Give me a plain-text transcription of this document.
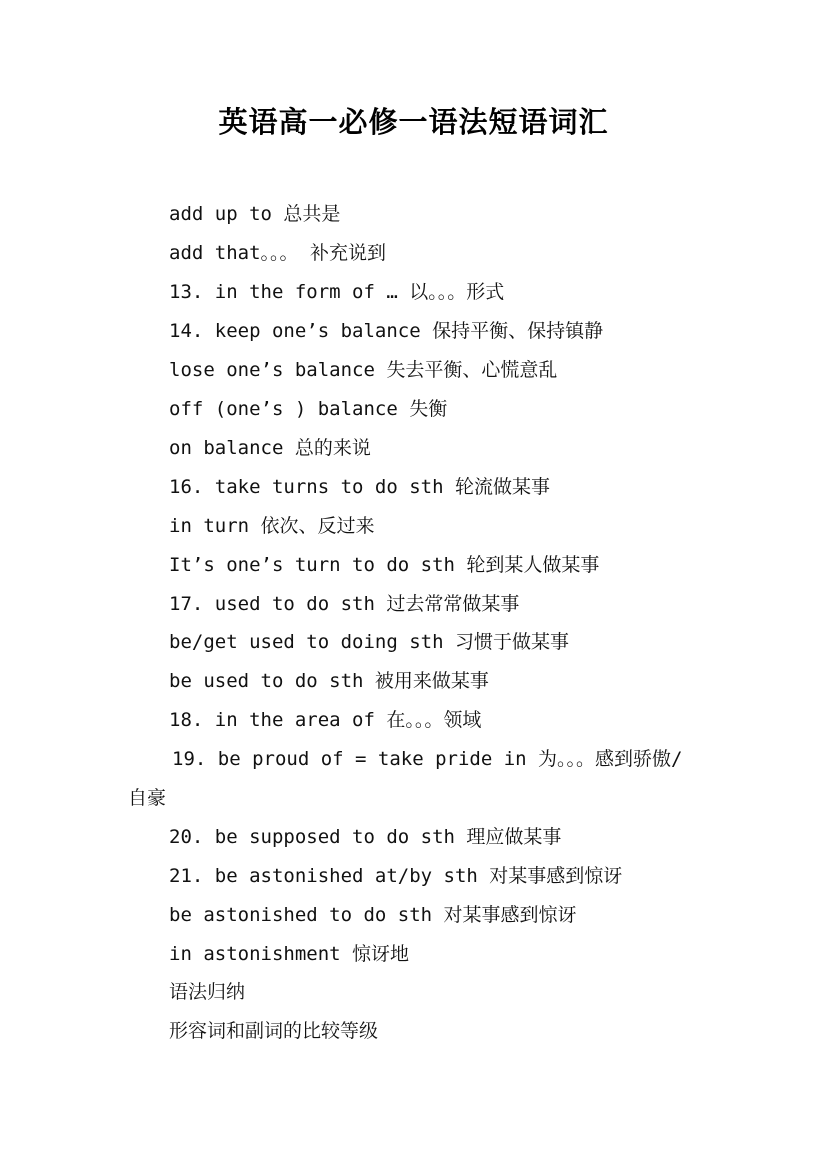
英语高一必修一语法短语词汇
add up to 总共是
add that。。。 补充说到
13. in the form of … 以。。。形式
14. keep one’s balance 保持平衡、保持镇静
lose one’s balance 失去平衡、心慌意乱
off (one’s ) balance 失衡
on balance 总的来说
16. take turns to do sth 轮流做某事
in turn 依次、反过来
It’s one’s turn to do sth 轮到某人做某事
17. used to do sth 过去常常做某事
be/get used to doing sth 习惯于做某事
be used to do sth 被用来做某事
18. in the area of 在。。。领域
19. be proud of = take pride in 为。。。感到骄傲/
自豪
20. be supposed to do sth 理应做某事
21. be astonished at/by sth 对某事感到惊讶
be astonished to do sth 对某事感到惊讶
in astonishment 惊讶地
语法归纳
形容词和副词的比较等级
